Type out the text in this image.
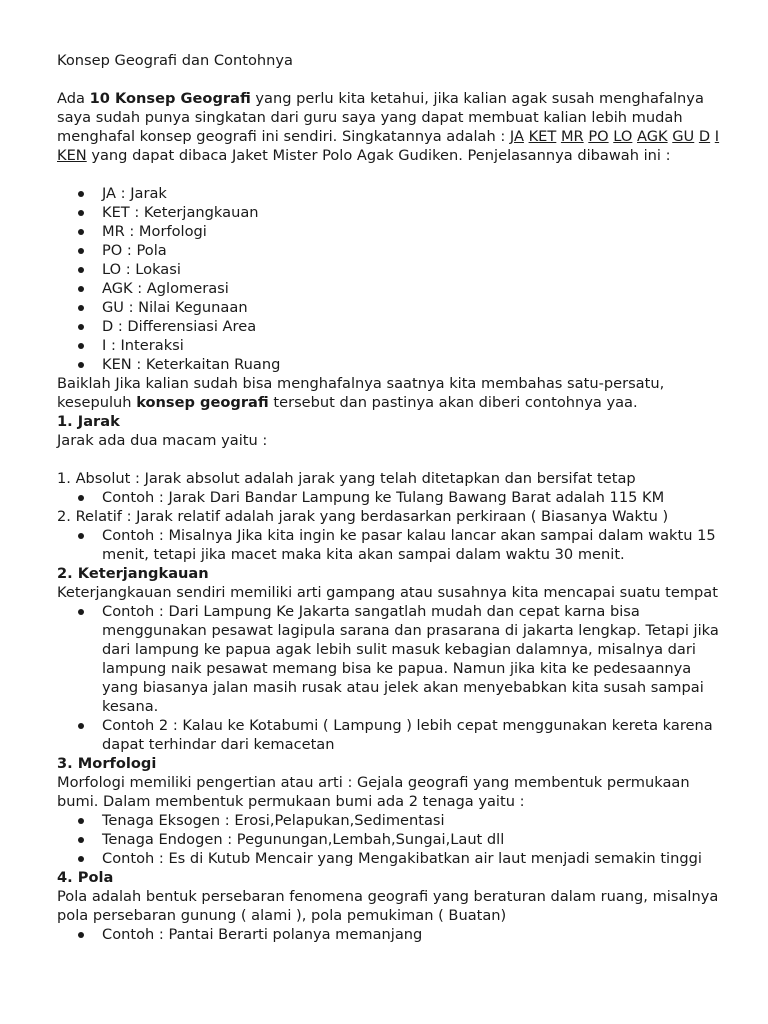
Konsep Geografi dan Contohnya

Ada 10 Konsep Geografi yang perlu kita ketahui, jika kalian agak susah menghafalnya saya sudah punya singkatan dari guru saya yang dapat membuat kalian lebih mudah menghafal konsep geografi ini sendiri. Singkatannya adalah : JA KET MR PO LO AGK GU D I KEN yang dapat dibaca Jaket Mister Polo Agak Gudiken. Penjelasannya dibawah ini :

JA : Jarak
KET : Keterjangkauan
MR : Morfologi
PO : Pola
LO : Lokasi
AGK : Aglomerasi
GU : Nilai Kegunaan
D : Differensiasi Area
I : Interaksi
KEN : Keterkaitan Ruang

Baiklah Jika kalian sudah bisa menghafalnya saatnya kita membahas satu-persatu, kesepuluh konsep geografi tersebut dan pastinya akan diberi contohnya yaa.

1. Jarak

Jarak ada dua macam yaitu :

1. Absolut : Jarak absolut adalah jarak yang telah ditetapkan dan bersifat tetap

Contoh : Jarak Dari Bandar Lampung ke Tulang Bawang Barat adalah 115 KM

2. Relatif : Jarak relatif adalah jarak yang berdasarkan perkiraan ( Biasanya Waktu )

Contoh : Misalnya Jika kita ingin ke pasar kalau lancar akan sampai dalam waktu 15 menit, tetapi jika macet maka kita akan sampai dalam waktu 30 menit.

2. Keterjangkauan

Keterjangkauan sendiri memiliki arti gampang atau susahnya kita mencapai suatu tempat

Contoh : Dari Lampung Ke Jakarta sangatlah mudah dan cepat karna bisa menggunakan pesawat lagipula sarana dan prasarana di jakarta lengkap. Tetapi jika dari lampung ke papua agak lebih sulit masuk kebagian dalamnya, misalnya dari lampung naik pesawat memang bisa ke papua. Namun jika kita ke pedesaannya yang biasanya jalan masih rusak atau jelek akan menyebabkan kita susah sampai kesana.
Contoh 2 : Kalau ke Kotabumi ( Lampung ) lebih cepat menggunakan kereta karena dapat terhindar dari kemacetan

3. Morfologi

Morfologi memiliki pengertian atau arti : Gejala geografi yang membentuk permukaan bumi. Dalam membentuk permukaan bumi ada 2 tenaga yaitu :

Tenaga Eksogen : Erosi,Pelapukan,Sedimentasi
Tenaga Endogen : Pegunungan,Lembah,Sungai,Laut dll
Contoh : Es di Kutub Mencair yang Mengakibatkan air laut menjadi semakin tinggi

4. Pola

Pola adalah bentuk persebaran fenomena geografi yang beraturan dalam ruang, misalnya pola persebaran gunung ( alami ), pola pemukiman ( Buatan)

Contoh : Pantai Berarti polanya memanjang
